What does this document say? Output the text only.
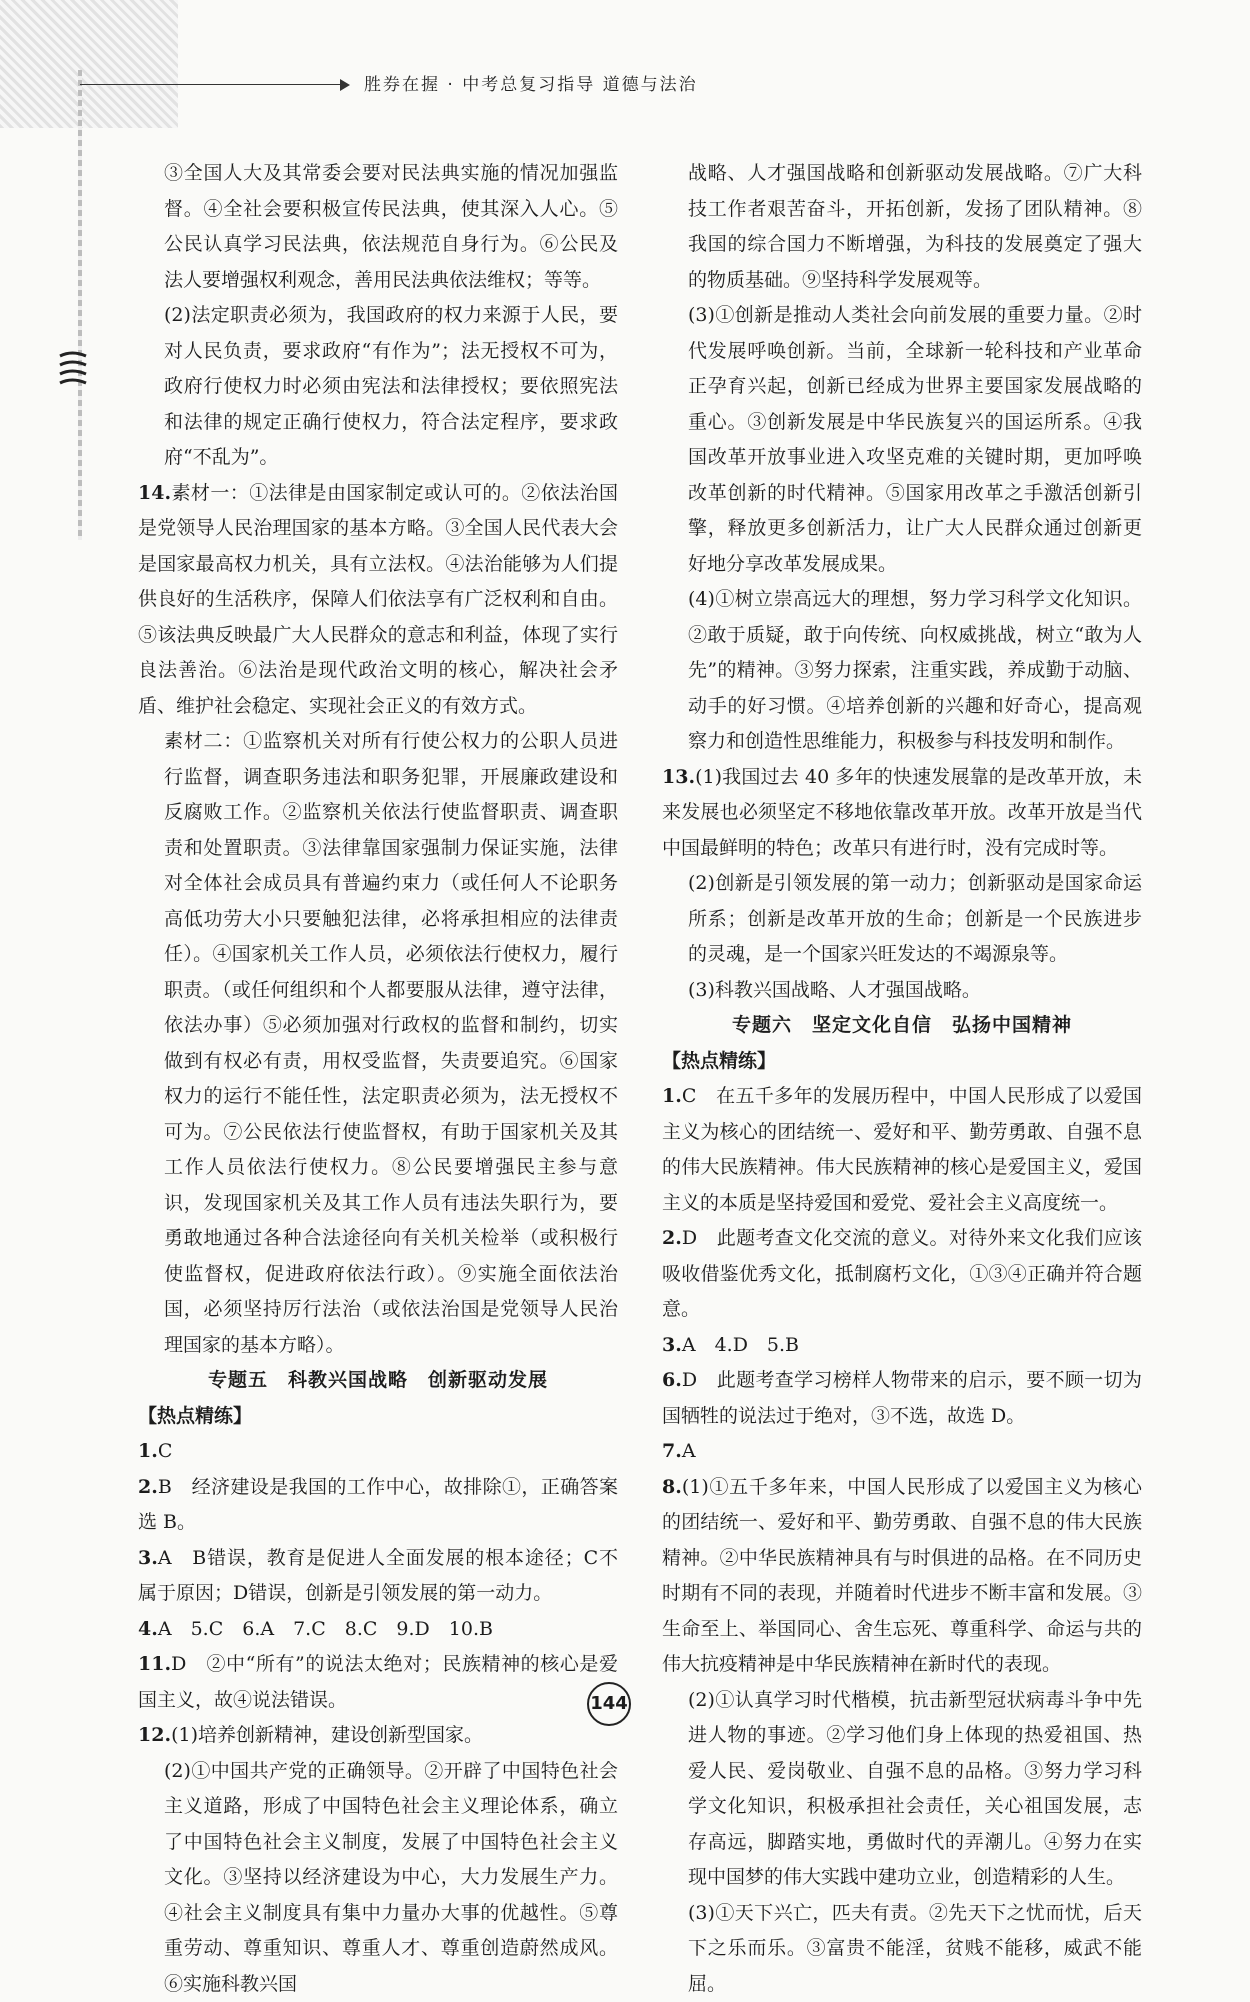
胜券在握 · 中考总复习指导 道德与法治

③全国人大及其常委会要对民法典实施的情况加强监督。④全社会要积极宣传民法典，使其深入人心。⑤公民认真学习民法典，依法规范自身行为。⑥公民及法人要增强权利观念，善用民法典依法维权；等等。

(2)法定职责必须为，我国政府的权力来源于人民，要对人民负责，要求政府“有作为”；法无授权不可为，政府行使权力时必须由宪法和法律授权；要依照宪法和法律的规定正确行使权力，符合法定程序，要求政府“不乱为”。

14.素材一：①法律是由国家制定或认可的。②依法治国是党领导人民治理国家的基本方略。③全国人民代表大会是国家最高权力机关，具有立法权。④法治能够为人们提供良好的生活秩序，保障人们依法享有广泛权利和自由。⑤该法典反映最广大人民群众的意志和利益，体现了实行良法善治。⑥法治是现代政治文明的核心，解决社会矛盾、维护社会稳定、实现社会正义的有效方式。

素材二：①监察机关对所有行使公权力的公职人员进行监督，调查职务违法和职务犯罪，开展廉政建设和反腐败工作。②监察机关依法行使监督职责、调查职责和处置职责。③法律靠国家强制力保证实施，法律对全体社会成员具有普遍约束力（或任何人不论职务高低功劳大小只要触犯法律，必将承担相应的法律责任）。④国家机关工作人员，必须依法行使权力，履行职责。（或任何组织和个人都要服从法律，遵守法律，依法办事）⑤必须加强对行政权的监督和制约，切实做到有权必有责，用权受监督，失责要追究。⑥国家权力的运行不能任性，法定职责必须为，法无授权不可为。⑦公民依法行使监督权，有助于国家机关及其工作人员依法行使权力。⑧公民要增强民主参与意识，发现国家机关及其工作人员有违法失职行为，要勇敢地通过各种合法途径向有关机关检举（或积极行使监督权，促进政府依法行政）。⑨实施全面依法治国，必须坚持厉行法治（或依法治国是党领导人民治理国家的基本方略）。

专题五　科教兴国战略　创新驱动发展

【热点精练】

1.C

2.B　经济建设是我国的工作中心，故排除①，正确答案选 B。

3.A　B错误，教育是促进人全面发展的根本途径；C不属于原因；D错误，创新是引领发展的第一动力。

4.A　5.C　6.A　7.C　8.C　9.D　10.B

11.D　②中“所有”的说法太绝对；民族精神的核心是爱国主义，故④说法错误。

12.(1)培养创新精神，建设创新型国家。

(2)①中国共产党的正确领导。②开辟了中国特色社会主义道路，形成了中国特色社会主义理论体系，确立了中国特色社会主义制度，发展了中国特色社会主义文化。③坚持以经济建设为中心，大力发展生产力。④社会主义制度具有集中力量办大事的优越性。⑤尊重劳动、尊重知识、尊重人才、尊重创造蔚然成风。⑥实施科教兴国

战略、人才强国战略和创新驱动发展战略。⑦广大科技工作者艰苦奋斗，开拓创新，发扬了团队精神。⑧我国的综合国力不断增强，为科技的发展奠定了强大的物质基础。⑨坚持科学发展观等。

(3)①创新是推动人类社会向前发展的重要力量。②时代发展呼唤创新。当前，全球新一轮科技和产业革命正孕育兴起，创新已经成为世界主要国家发展战略的重心。③创新发展是中华民族复兴的国运所系。④我国改革开放事业进入攻坚克难的关键时期，更加呼唤改革创新的时代精神。⑤国家用改革之手激活创新引擎，释放更多创新活力，让广大人民群众通过创新更好地分享改革发展成果。

(4)①树立崇高远大的理想，努力学习科学文化知识。②敢于质疑，敢于向传统、向权威挑战，树立“敢为人先”的精神。③努力探索，注重实践，养成勤于动脑、动手的好习惯。④培养创新的兴趣和好奇心，提高观察力和创造性思维能力，积极参与科技发明和制作。

13.(1)我国过去 40 多年的快速发展靠的是改革开放，未来发展也必须坚定不移地依靠改革开放。改革开放是当代中国最鲜明的特色；改革只有进行时，没有完成时等。

(2)创新是引领发展的第一动力；创新驱动是国家命运所系；创新是改革开放的生命；创新是一个民族进步的灵魂，是一个国家兴旺发达的不竭源泉等。

(3)科教兴国战略、人才强国战略。

专题六　坚定文化自信　弘扬中国精神

【热点精练】

1.C　在五千多年的发展历程中，中国人民形成了以爱国主义为核心的团结统一、爱好和平、勤劳勇敢、自强不息的伟大民族精神。伟大民族精神的核心是爱国主义，爱国主义的本质是坚持爱国和爱党、爱社会主义高度统一。

2.D　此题考查文化交流的意义。对待外来文化我们应该吸收借鉴优秀文化，抵制腐朽文化，①③④正确并符合题意。

3.A　4.D　5.B

6.D　此题考查学习榜样人物带来的启示，要不顾一切为国牺牲的说法过于绝对，③不选，故选 D。

7.A

8.(1)①五千多年来，中国人民形成了以爱国主义为核心的团结统一、爱好和平、勤劳勇敢、自强不息的伟大民族精神。②中华民族精神具有与时俱进的品格。在不同历史时期有不同的表现，并随着时代进步不断丰富和发展。③生命至上、举国同心、舍生忘死、尊重科学、命运与共的伟大抗疫精神是中华民族精神在新时代的表现。

(2)①认真学习时代楷模，抗击新型冠状病毒斗争中先进人物的事迹。②学习他们身上体现的热爱祖国、热爱人民、爱岗敬业、自强不息的品格。③努力学习科学文化知识，积极承担社会责任，关心祖国发展，志存高远，脚踏实地，勇做时代的弄潮儿。④努力在实现中国梦的伟大实践中建功立业，创造精彩的人生。

(3)①天下兴亡，匹夫有责。②先天下之忧而忧，后天下之乐而乐。③富贵不能淫，贫贱不能移，威武不能屈。

144
